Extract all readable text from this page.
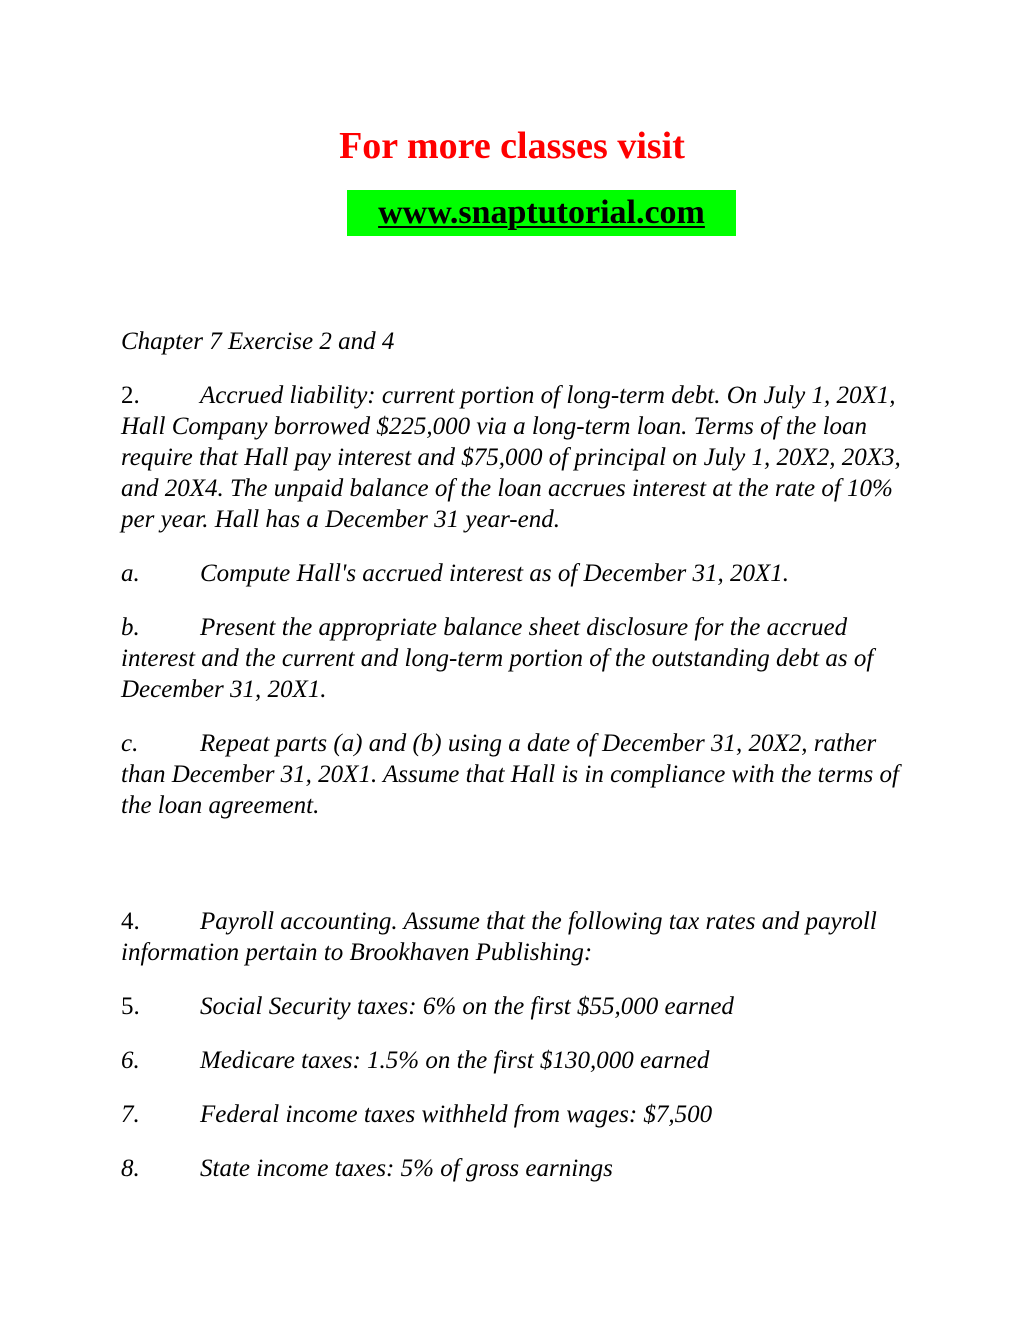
For more classes visit
www.snaptutorial.com

Chapter 7 Exercise 2 and 4

2. Accrued liability: current portion of long-term debt. On July 1, 20X1, Hall Company borrowed $225,000 via a long-term loan. Terms of the loan require that Hall pay interest and $75,000 of principal on July 1, 20X2, 20X3, and 20X4. The unpaid balance of the loan accrues interest at the rate of 10% per year. Hall has a December 31 year-end.

a. Compute Hall's accrued interest as of December 31, 20X1.

b. Present the appropriate balance sheet disclosure for the accrued interest and the current and long-term portion of the outstanding debt as of December 31, 20X1.

c. Repeat parts (a) and (b) using a date of December 31, 20X2, rather than December 31, 20X1. Assume that Hall is in compliance with the terms of the loan agreement.

4. Payroll accounting. Assume that the following tax rates and payroll information pertain to Brookhaven Publishing:

5. Social Security taxes: 6% on the first $55,000 earned

6. Medicare taxes: 1.5% on the first $130,000 earned

7. Federal income taxes withheld from wages: $7,500

8. State income taxes: 5% of gross earnings
